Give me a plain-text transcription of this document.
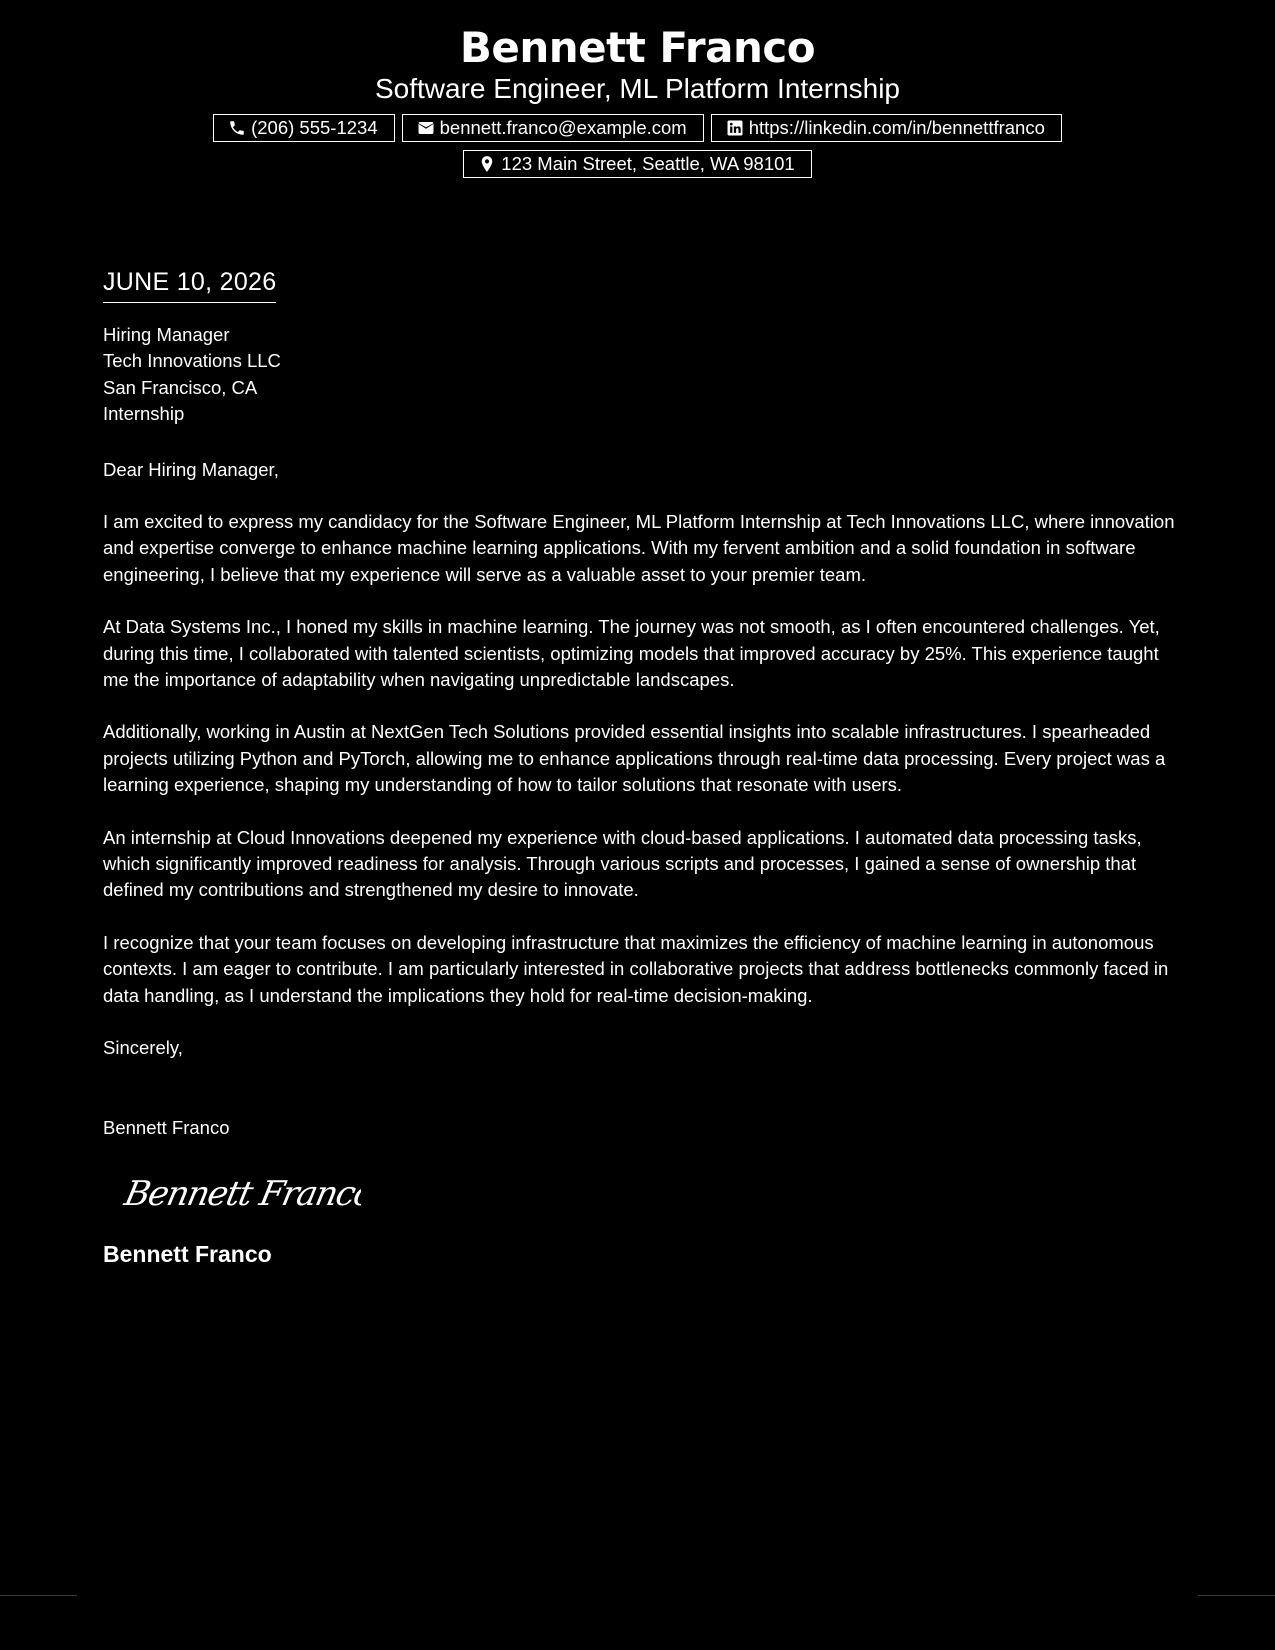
Bennett Franco
Software Engineer, ML Platform Internship
(206) 555-1234	bennett.franco@example.com	https://linkedin.com/in/bennettfranco
123 Main Street, Seattle, WA 98101
JUNE 10, 2026
Hiring Manager
Tech Innovations LLC
San Francisco, CA
Internship
Dear Hiring Manager,

I am excited to express my candidacy for the Software Engineer, ML Platform Internship at Tech Innovations LLC, where innovation and expertise converge to enhance machine learning applications. With my fervent ambition and a solid foundation in software engineering, I believe that my experience will serve as a valuable asset to your premier team.

At Data Systems Inc., I honed my skills in machine learning. The journey was not smooth, as I often encountered challenges. Yet, during this time, I collaborated with talented scientists, optimizing models that improved accuracy by 25%. This experience taught me the importance of adaptability when navigating unpredictable landscapes.

Additionally, working in Austin at NextGen Tech Solutions provided essential insights into scalable infrastructures. I spearheaded projects utilizing Python and PyTorch, allowing me to enhance applications through real-time data processing. Every project was a learning experience, shaping my understanding of how to tailor solutions that resonate with users.

An internship at Cloud Innovations deepened my experience with cloud-based applications. I automated data processing tasks, which significantly improved readiness for analysis. Through various scripts and processes, I gained a sense of ownership that defined my contributions and strengthened my desire to innovate.

I recognize that your team focuses on developing infrastructure that maximizes the efficiency of machine learning in autonomous contexts. I am eager to contribute. I am particularly interested in collaborative projects that address bottlenecks commonly faced in data handling, as I understand the implications they hold for real-time decision-making.

Sincerely,
Bennett Franco
Bennett Franco
Bennett Franco
